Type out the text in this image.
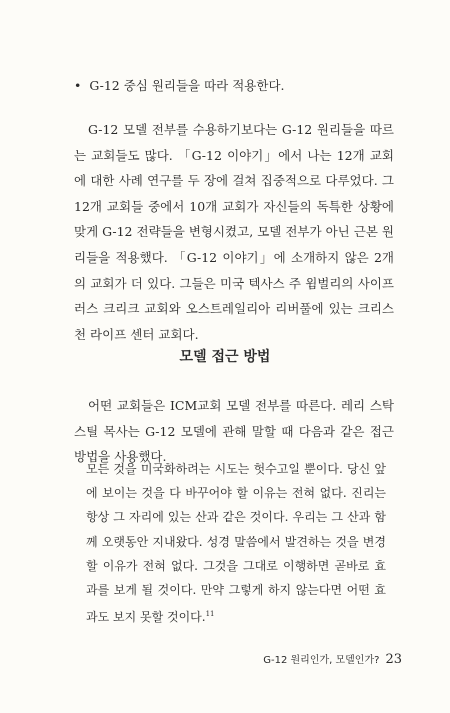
• G-12 중심 원리들을 따라 적용한다.

G-12 모델 전부를 수용하기보다는 G-12 원리들을 따르는 교회들도 많다. 「G-12 이야기」에서 나는 12개 교회에 대한 사례 연구를 두 장에 걸쳐 집중적으로 다루었다. 그 12개 교회들 중에서 10개 교회가 자신들의 독특한 상황에 맞게 G-12 전략들을 변형시켰고, 모델 전부가 아닌 근본 원리들을 적용했다. 「G-12 이야기」에 소개하지 않은 2개의 교회가 더 있다. 그들은 미국 텍사스 주 윔벌리의 사이프러스 크리크 교회와 오스트레일리아 리버풀에 있는 크리스천 라이프 센터 교회다.

모델 접근 방법

어떤 교회들은 ICM교회 모델 전부를 따른다. 레리 스탁스틸 목사는 G-12 모델에 관해 말할 때 다음과 같은 접근 방법을 사용했다.

모든 것을 미국화하려는 시도는 헛수고일 뿐이다. 당신 앞에 보이는 것을 다 바꾸어야 할 이유는 전혀 없다. 진리는 항상 그 자리에 있는 산과 같은 것이다. 우리는 그 산과 함께 오랫동안 지내왔다. 성경 말씀에서 발견하는 것을 변경할 이유가 전혀 없다. 그것을 그대로 이행하면 곧바로 효과를 보게 될 것이다. 만약 그렇게 하지 않는다면 어떤 효과도 보지 못할 것이다.$^{11}$

G-12 원리인가, 모델인가? 23
